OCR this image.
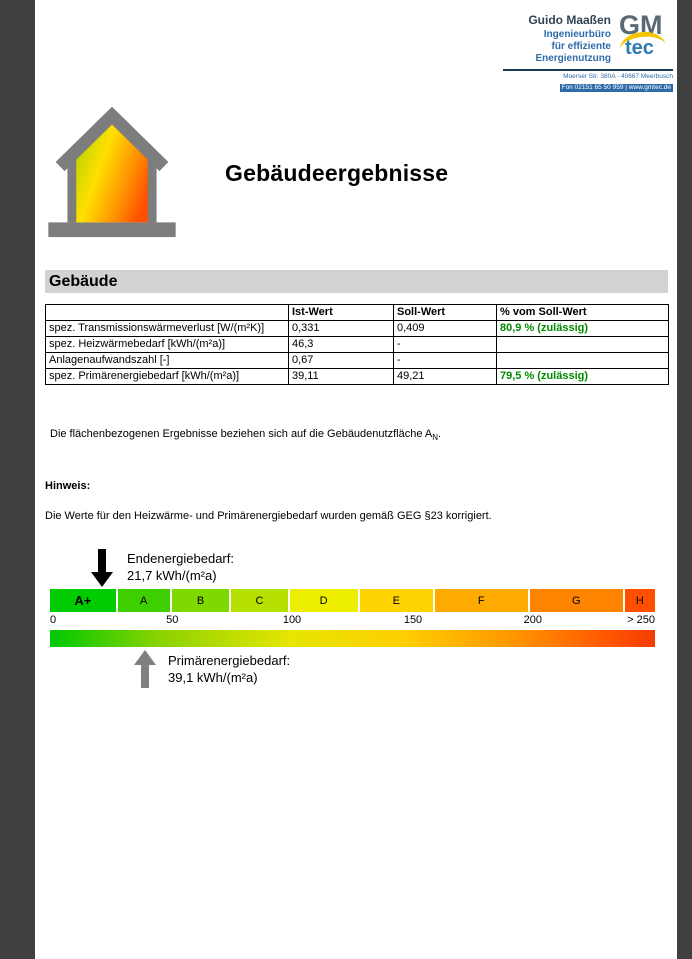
Guido Maaßen
Ingenieurbüro
für effiziente
Energienutzung
GM
tec
Moerser Str. 380A · 40667 Meerbusch
Fon 02151 65 50 959 | www.gmtec.de
Gebäudeergebnisse
Gebäude
	Ist-Wert	Soll-Wert	% vom Soll-Wert
spez. Transmissionswärmeverlust [W/(m²K)]	0,331	0,409	80,9 % (zulässig)
spez. Heizwärmebedarf [kWh/(m²a)]	46,3	-	
Anlagenaufwandszahl [-]	0,67	-	
spez. Primärenergiebedarf [kWh/(m²a)]	39,11	49,21	79,5 % (zulässig)
Die flächenbezogenen Ergebnisse beziehen sich auf die Gebäudenutzfläche $A_N$.
Hinweis:
Die Werte für den Heizwärme- und Primärenergiebedarf wurden gemäß GEG §23 korrigiert.
Endenergiebedarf:
21,7 kWh/(m²a)
A+	A	B	C	D	E	F	G	H
0	50	100	150	200	> 250
Primärenergiebedarf:
39,1 kWh/(m²a)
